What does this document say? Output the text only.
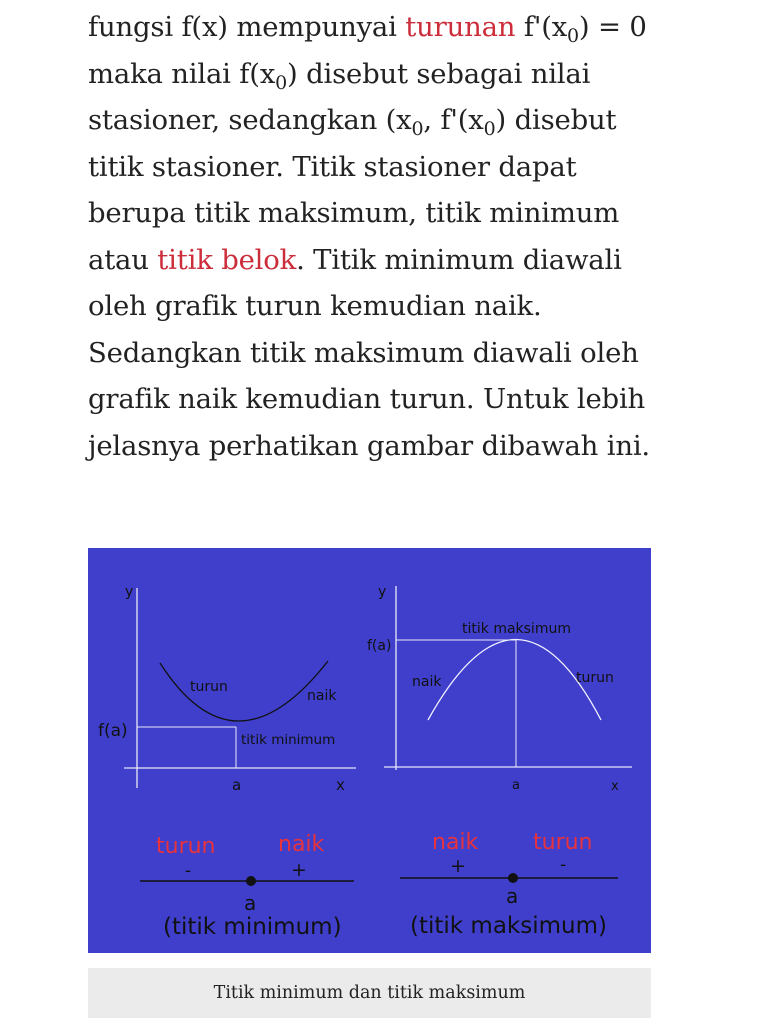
fungsi f(x) mempunyai turunan $f'(x_0) = 0$
maka nilai $f(x_0)$ disebut sebagai nilai
stasioner, sedangkan ($x_0$, $f'(x_0)$ disebut
titik stasioner. Titik stasioner dapat
berupa titik maksimum, titik minimum
atau titik belok. Titik minimum diawali
oleh grafik turun kemudian naik.
Sedangkan titik maksimum diawali oleh
grafik naik kemudian turun. Untuk lebih
jelasnya perhatikan gambar dibawah ini.
y
x
f(a)
a
turun
naik
titik minimum
y
x
f(a)
a
naik	turun
titik maksimum
turun	naik
-	+
a
(titik minimum)
naik turun
+	-
a
(titik maksimum)
Titik minimum dan titik maksimum
